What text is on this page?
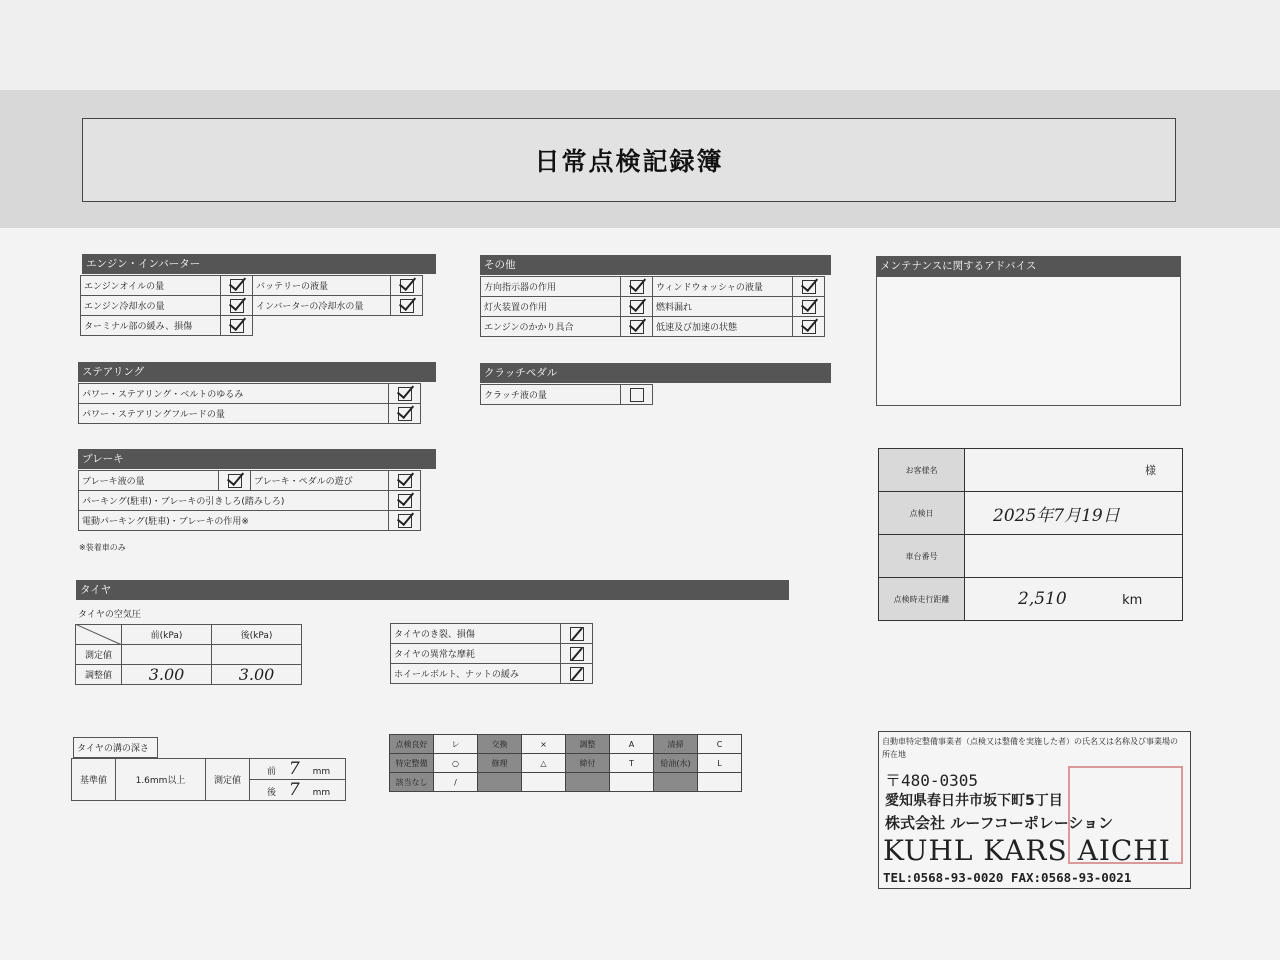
日常点検記録簿
エンジン・インバーター
エンジンオイルの量		バッテリーの液量	
エンジン冷却水の量		インバーターの冷却水の量	
ターミナル部の緩み、損傷			
その他
方向指示器の作用		ウィンドウォッシャの液量	
灯火装置の作用		燃料漏れ	
エンジンのかかり具合		低速及び加速の状態	
メンテナンスに関するアドバイス
ステアリング
パワー・ステアリング・ベルトのゆるみ	
パワー・ステアリングフルードの量	
クラッチペダル
クラッチ液の量	
ブレーキ
ブレーキ液の量		ブレーキ・ペダルの遊び	
パーキング(駐車)・ブレーキの引きしろ(踏みしろ)			
電動パーキング(駐車)・ブレーキの作用※			
※装着車のみ
タイヤ
タイヤの空気圧
	前(kPa)	後(kPa)
測定値		
調整値	3.00	3.00
タイヤのき裂、損傷	
タイヤの異常な摩耗	
ホイールボルト、ナットの緩み	
タイヤの溝の深さ
基準値	1.6mm以上	測定値	前 7 mm
後 7 mm
点検良好	レ	交換	×	調整	A	清掃	C
特定整備	○	修理	△	締付	T	給油(水)	L
該当なし	/						
お客様名	様
点検日	2025年7月19日
車台番号	
点検時走行距離	2,510 km
自動車特定整備事業者（点検又は整備を実施した者）の氏名又は名称及び事業場の所在地
〒480-0305
愛知県春日井市坂下町5丁目
株式会社 ルーフコーポレーション
KUHL KARS AICHI
TEL:0568-93-0020 FAX:0568-93-0021
